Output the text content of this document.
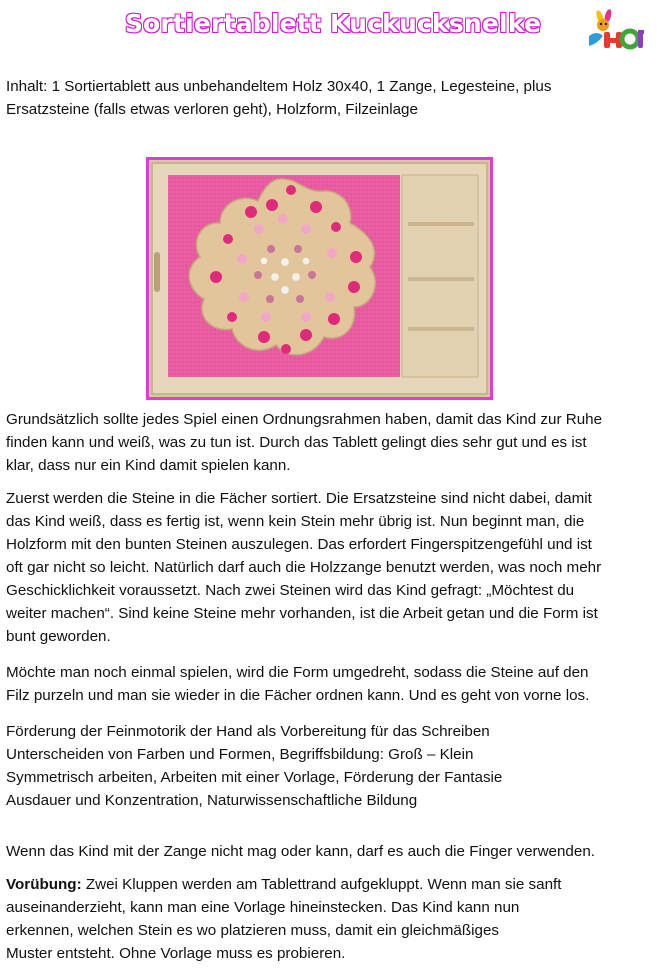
Sortiertablett Kuckucksnelke

Inhalt: 1 Sortiertablett aus unbehandeltem Holz 30x40, 1 Zange, Legesteine, plus

Ersatzsteine (falls etwas verloren geht), Holzform, Filzeinlage

Grundsätzlich sollte jedes Spiel einen Ordnungsrahmen haben, damit das Kind zur Ruhe

finden kann und weiß, was zu tun ist. Durch das Tablett gelingt dies sehr gut und es ist

klar, dass nur ein Kind damit spielen kann.

Zuerst werden die Steine in die Fächer sortiert. Die Ersatzsteine sind nicht dabei, damit

das Kind weiß, dass es fertig ist, wenn kein Stein mehr übrig ist. Nun beginnt man, die

Holzform mit den bunten Steinen auszulegen. Das erfordert Fingerspitzengefühl und ist

oft gar nicht so leicht. Natürlich darf auch die Holzzange benutzt werden, was noch mehr

Geschicklichkeit voraussetzt. Nach zwei Steinen wird das Kind gefragt: „Möchtest du

weiter machen“. Sind keine Steine mehr vorhanden, ist die Arbeit getan und die Form ist

bunt geworden.

Möchte man noch einmal spielen, wird die Form umgedreht, sodass die Steine auf den

Filz purzeln und man sie wieder in die Fächer ordnen kann. Und es geht von vorne los.

Förderung der Feinmotorik der Hand als Vorbereitung für das Schreiben

Unterscheiden von Farben und Formen, Begriffsbildung: Groß – Klein

Symmetrisch arbeiten, Arbeiten mit einer Vorlage, Förderung der Fantasie

Ausdauer und Konzentration, Naturwissenschaftliche Bildung

Wenn das Kind mit der Zange nicht mag oder kann, darf es auch die Finger verwenden.

Vorübung: Zwei Kluppen werden am Tablettrand aufgekluppt. Wenn man sie sanft

auseinanderzieht, kann man eine Vorlage hineinstecken. Das Kind kann nun

erkennen, welchen Stein es wo platzieren muss, damit ein gleichmäßiges

Muster entsteht. Ohne Vorlage muss es probieren.
